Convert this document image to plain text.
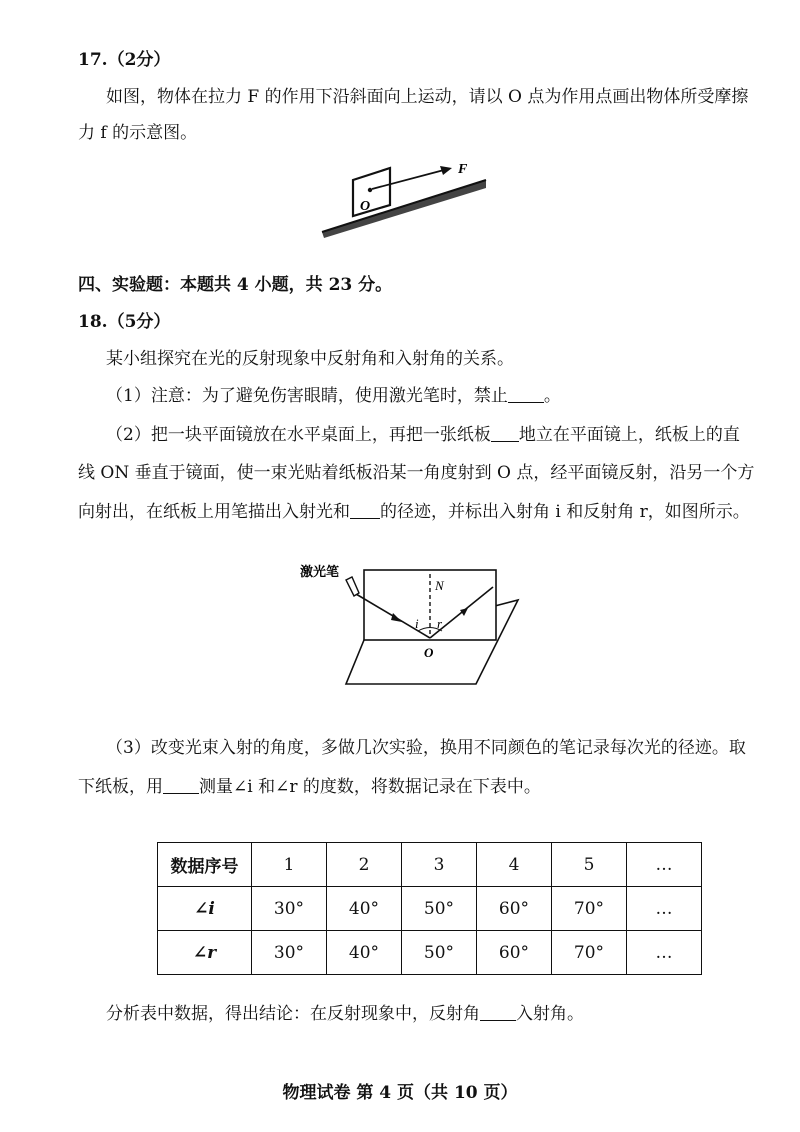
17.（2分）
如图，物体在拉力 F 的作用下沿斜面向上运动，请以 O 点为作用点画出物体所受摩擦
力 f 的示意图。
F
O
四、实验题：本题共 4 小题，共 23 分。
18.（5分）
某小组探究在光的反射现象中反射角和入射角的关系。
（1）注意：为了避免伤害眼睛，使用激光笔时，禁止 。
（2）把一块平面镜放在水平桌面上，再把一张纸板 地立在平面镜上，纸板上的直
线 ON 垂直于镜面，使一束光贴着纸板沿某一角度射到 O 点，经平面镜反射，沿另一个方
向射出，在纸板上用笔描出入射光和 的径迹，并标出入射角 i 和反射角 r，如图所示。
激光笔
N
i r
O
（3）改变光束入射的角度，多做几次实验，换用不同颜色的笔记录每次光的径迹。取
下纸板，用 测量∠i 和∠r 的度数，将数据记录在下表中。
数据序号	1	2	3	4	5	…
∠i	30°	40°	50°	60°	70°	…
∠r	30°	40°	50°	60°	70°	…
分析表中数据，得出结论：在反射现象中，反射角 入射角。
物理试卷 第 4 页（共 10 页）
